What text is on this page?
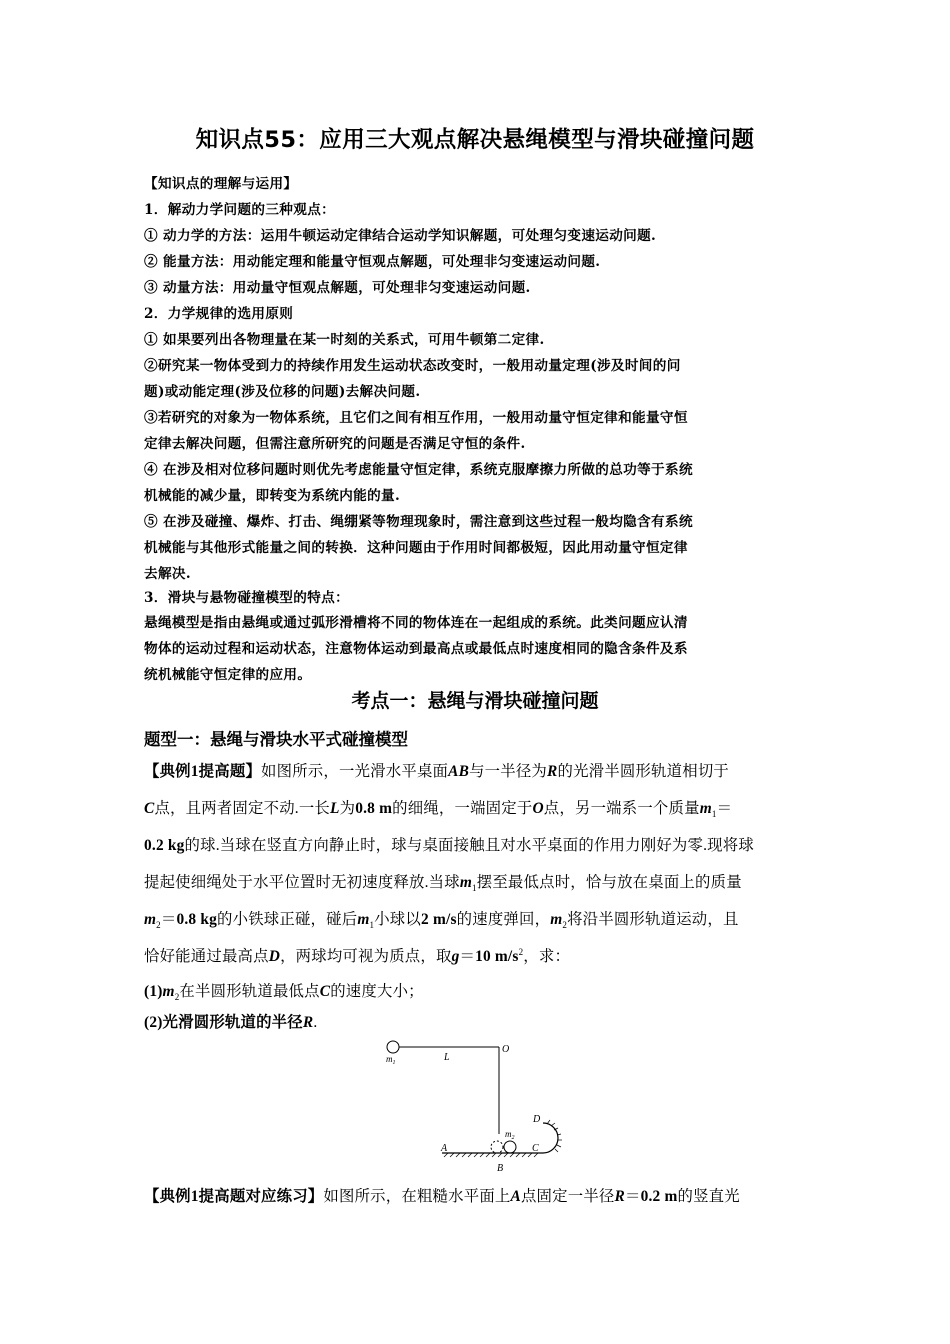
知识点55：应用三大观点解决悬绳模型与滑块碰撞问题
【知识点的理解与运用】
1．解动力学问题的三种观点：
① 动力学的方法：运用牛顿运动定律结合运动学知识解题，可处理匀变速运动问题.
② 能量方法：用动能定理和能量守恒观点解题，可处理非匀变速运动问题.
③ 动量方法：用动量守恒观点解题，可处理非匀变速运动问题.
2．力学规律的选用原则
① 如果要列出各物理量在某一时刻的关系式，可用牛顿第二定律.
②研究某一物体受到力的持续作用发生运动状态改变时，一般用动量定理(涉及时间的问
题)或动能定理(涉及位移的问题)去解决问题.
③若研究的对象为一物体系统，且它们之间有相互作用，一般用动量守恒定律和能量守恒
定律去解决问题，但需注意所研究的问题是否满足守恒的条件.
④ 在涉及相对位移问题时则优先考虑能量守恒定律，系统克服摩擦力所做的总功等于系统
机械能的减少量，即转变为系统内能的量.
⑤ 在涉及碰撞、爆炸、打击、绳绷紧等物理现象时，需注意到这些过程一般均隐含有系统
机械能与其他形式能量之间的转换．这种问题由于作用时间都极短，因此用动量守恒定律
去解决.
3．滑块与悬物碰撞模型的特点：
悬绳模型是指由悬绳或通过弧形滑槽将不同的物体连在一起组成的系统。此类问题应认清
物体的运动过程和运动状态，注意物体运动到最高点或最低点时速度相同的隐含条件及系
统机械能守恒定律的应用。
考点一：悬绳与滑块碰撞问题
题型一：悬绳与滑块水平式碰撞模型
【典例1提高题】如图所示，一光滑水平桌面AB与一半径为R的光滑半圆形轨道相切于
C点，且两者固定不动.一长L为0.8 m的细绳，一端固定于O点，另一端系一个质量$m_1=$
0.2 kg的球.当球在竖直方向静止时，球与桌面接触且对水平桌面的作用力刚好为零.现将球
提起使细绳处于水平位置时无初速度释放.当球$m_1$摆至最低点时，恰与放在桌面上的质量
$m_2=0.8$ kg的小铁球正碰，碰后$m_1$小球以2 m/s的速度弹回，$m_2$将沿半圆形轨道运动，且
恰好能通过最高点D，两球均可视为质点，取g＝10 $m/s^2$，求：
$(1)m_2$在半圆形轨道最低点C的速度大小；
(2)光滑圆形轨道的半径R.
$m_1$	L
O
D
$m_2$
A
B
C
【典例1提高题对应练习】如图所示，在粗糙水平面上A点固定一半径R＝0.2 m的竖直光
